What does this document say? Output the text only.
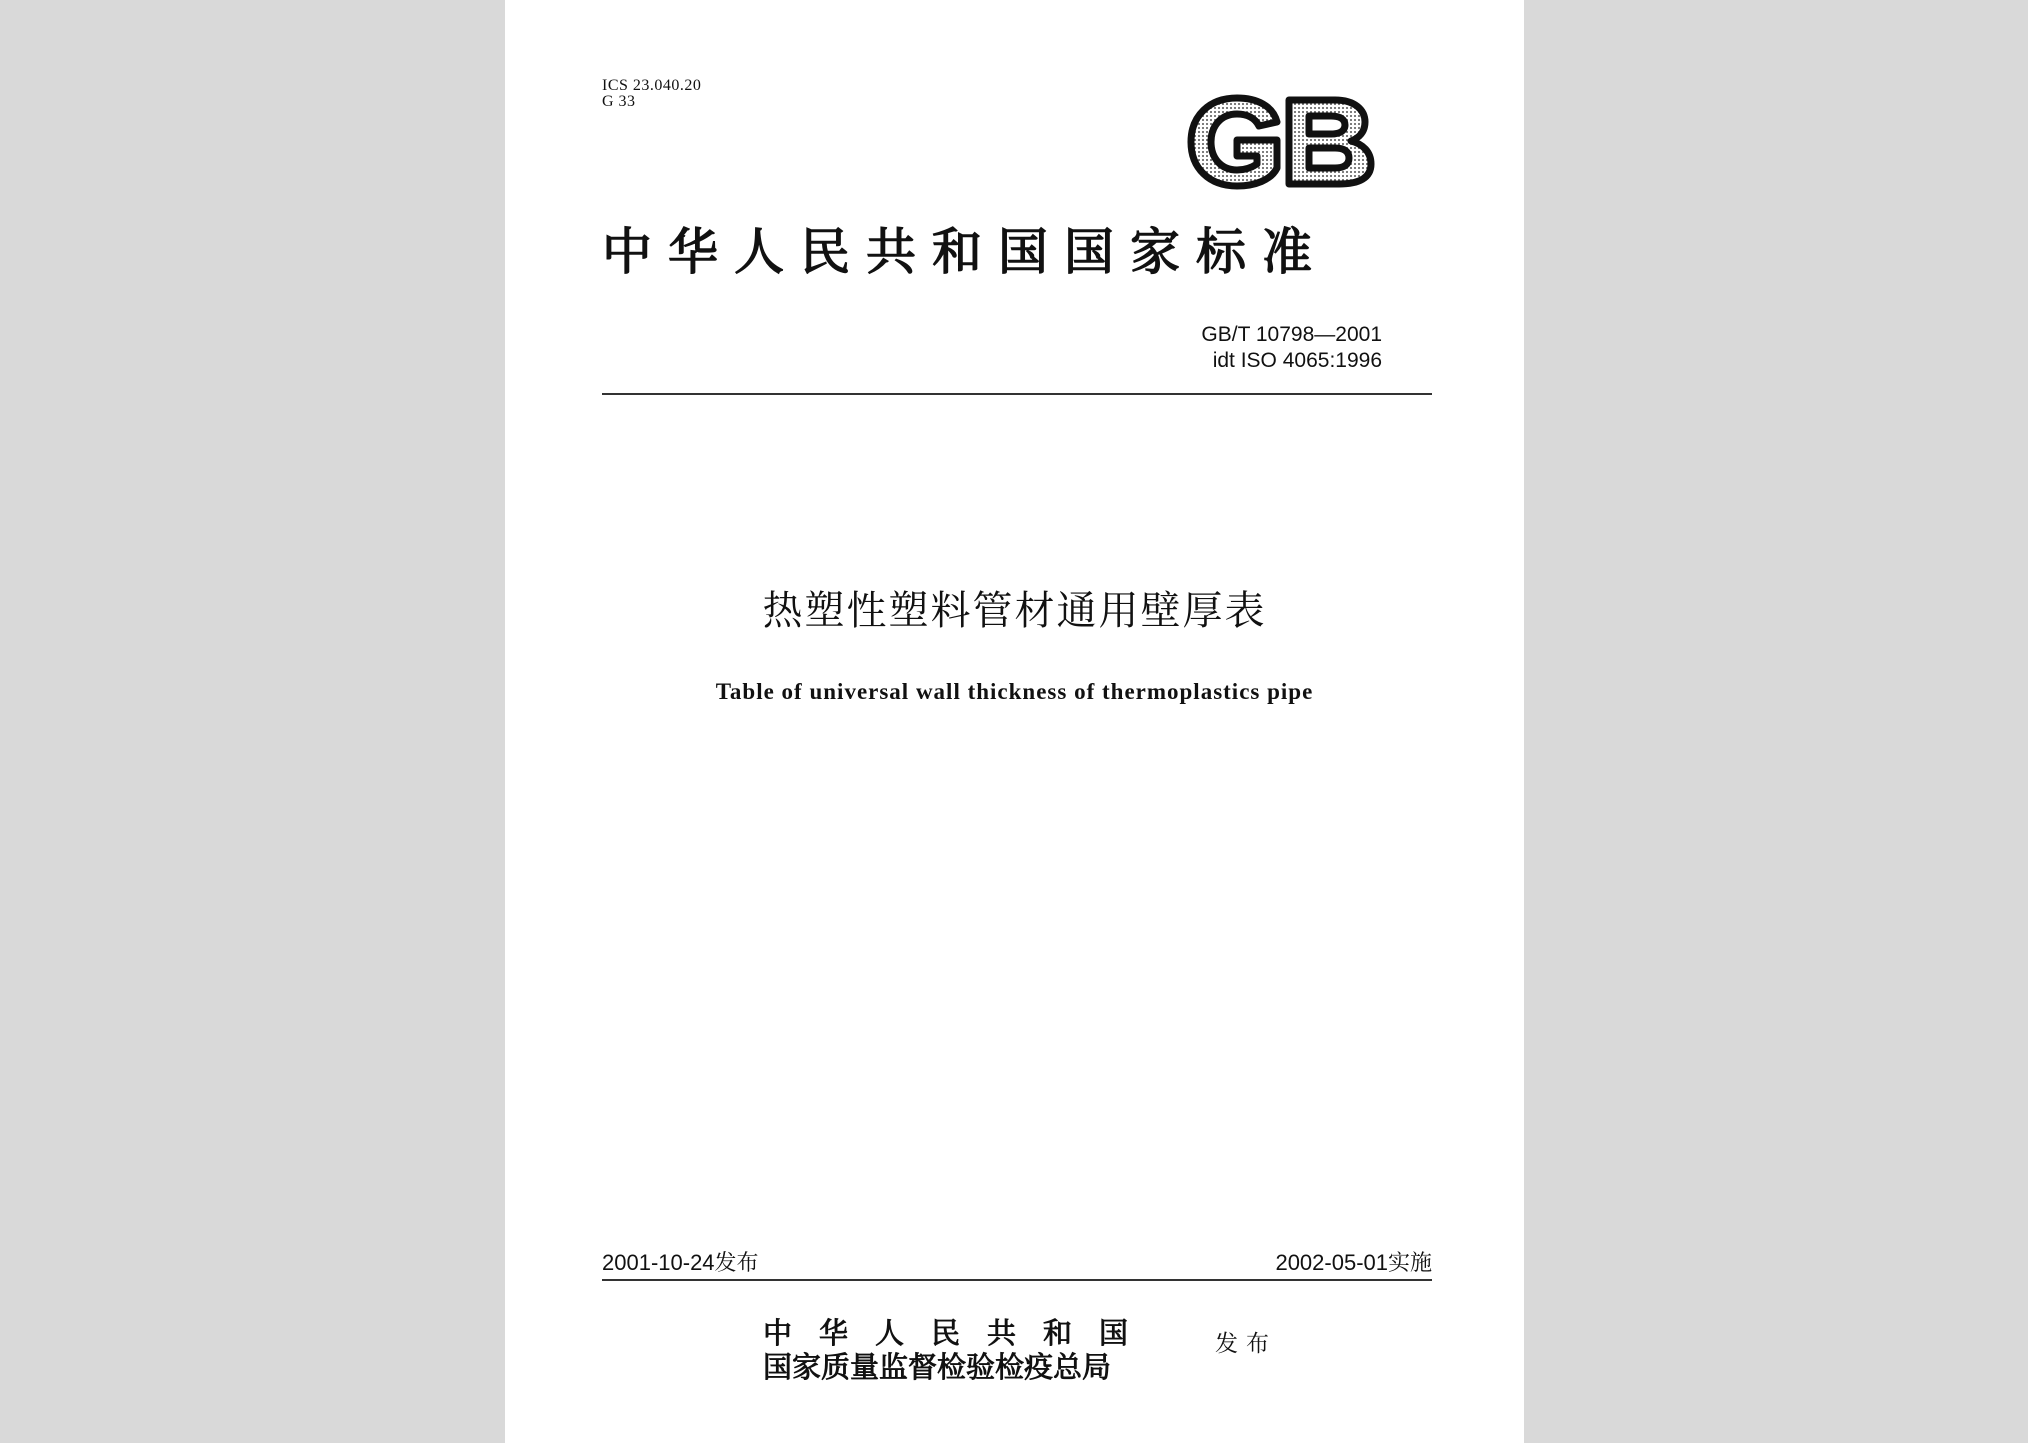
ICS 23.040.20
G 33
中华人民共和国国家标准
GB/T 10798—2001
idt ISO 4065:1996
热塑性塑料管材通用壁厚表
Table of universal wall thickness of thermoplastics pipe
2001-10-24发布	2002-05-01实施
中华人民共和国
国家质量监督检验检疫总局
发布
